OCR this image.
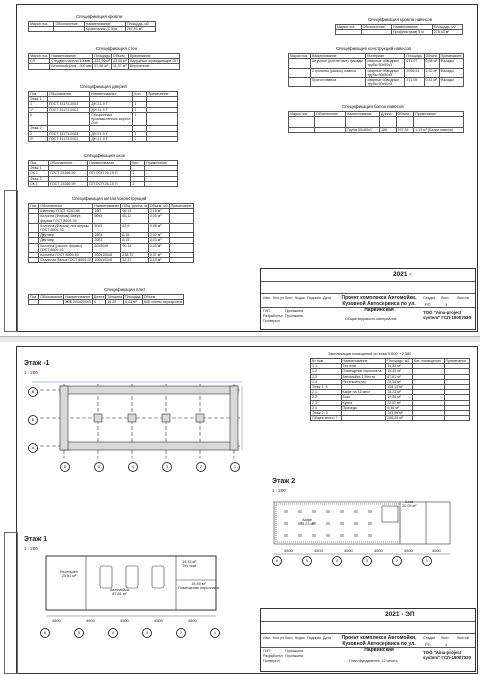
Спецификация кровли
Марка поз.	Обозначение	Наименование	Площадь, м2
		Кровельная (С 6)м	297,91 м²
Спецификация кровли навесов
Марка поз.	Обозначение	Наименование	Площадь, м2
		Профлист(мм) 5 м	278,43 м²
Спецификация стен
Марка поз.	Наименование	Площадь	Объем	Примечания
СП	Сэндвич панели 100мм	422,99 м²	43,09 м³	Наружные ограждающие ОП
	Бетонный блок - 200 мм	37,58 м²	11,37 м³	Внутренние
Спецификация дверей
Поз.	Обозначение	Наименование	Кол.	Примечание
Этаж 1				
1	ГОСТ 31173-2003	ДН 21-9 Т	1	
1*	ГОСТ 31173-2003	ДН 21-9 Т	1	
2		Секционные промышленные ворота Doll	1	
Этаж 2				
2	ГОСТ 31173-2003	ДН 21-9 Т	1	
2*	ГОСТ 31173-2003	ДН 21-9 Т	1	
Спецификация окон
Поз.	Обозначение	Наименование	Кол.	Примечание
Этаж 1				
ОК 1	ГОСТ 23166-99	ОП ОСП 26-15 П	1	
Этаж 2				
ОК 1	ГОСТ 23166-99	ОП ОСП 26-15 П	1	
Спецификация металлоконструкций
Поз.	Обозначение	Наименование	Общ. длина, м	Объем, м3	Примечание
	Швеллер ГОСТ 8240-89	16П	96,15	0,18 м³	
	Колонна (Фермы) Вверх фермы ГОСТ 8509-93	50х5	56,11	0,05 м³	
	Колонна (Фермы) низ фермы ГОСТ 8509-93	50х5	63,9	0,06 м³	
	Двутавр	16Б1	8,15	0,02 м³	
	Двутавр	20Б1	8,15	0,03 м³	
	Колонна (раскос фермы) ГОСТ 8509-93	50х50х5	90,16	0,03 м³	
	Колонна ГОСТ 8509-93	100х100х8	238,72	0,37 м³	
	Стальная балка ГОСТ 8509-93	100х100х8	32,37	0,19 м³	
Спецификация плит
Поз.	Обозначение	Наименование	Длина	Толщина	Площадь	Объем
		Ж/Б 200х200х3	8	16,25	0,43 м³	Ж/Б плиты перекрытия
Спецификация конструкций навесов
Марка поз.	Наименование	Материал	Площадь	Объем	Примечание
	Штучные (роллетные) фасады	сварные обводные трубы 50х50х3	674,07	0,88 м³	Фасады
	Стропилы (раскос) навеса	сварные обводные трубы 50х50х3	2096,51	2,32 м³	Фасады
	Прогон навеса	сварные обводные трубы 50х50х3	371,05	0,41 м³	Фасады
Спецификация балок навесов
Марка поз.	Обозначение	Наименование	Длина	Объем	Примечание

		Трубы 50х50х3	186	197,36	1,15 м³ (Балки навеса)
2021 -
Изм. Кол.уч Лист №док. Подпись Дата
ГИП
Разработал
Проверил
Пронькина
Пронькина
Проект комплекса Автомойки, Кузовной Автосервиса по ул. Нарвинская
Общая ведомость материалов
Стадия Лист Листов
РП	3
ТОО "Aina-project system" ГСЛ-19007020
Этаж -1
1 : 200
В
Б
А
6	5	4	3	2	1
Экспликация помещений по этаж 0.000, +2,380
№ пом	Наименование	Площадь, м2	Кат. помещения	Примечание
1.1	Тех пом	14,33 м²		
1.2	Помещение персонала	15,45 м²		
1.3	Автомойка 1 Места	87,81 м²		
1.4	Ресепшен(на)	20,54 м²		
Этаж 1: 4		138,13 м²		
2.1	Кафе на 16 мест	78,23 м²		
2.2	Бокс	19,65 м²		
2.3	Кухня	22,52 м²		
2.4	Прачеда	9,16 м²		
Этаж 2: 3		143,56 м²		
Общее итого: 7		296,25 м²		
Этаж 2
1 : 200
Кафе
78,23 м²
Бокс
20,05 м²
4500	4500	4500	4500	4500	4500
6	5	4	3	2	1
Этаж 1
1 : 200
Ресепшен
20,54 м²
Автомойка
87,81 м²
14,33 м²
Тех пом
15,45 м²
Помещение персонала
4500	4500	4500	4500	4500
6	5	4	3	2	1
2021 - ЭП
Изм. Кол.уч Лист №док. Подпись Дата
ГИП
Разработал
Проверил
Пронькина
Пронькина
Проект комплекса Автомойки, Кузовной Автосервиса по ул. Нарвинская
План фундамента, 12 печать
Стадия Лист Листов
РП	4
ТОО "Aina-project system" ГСЛ-19007020
